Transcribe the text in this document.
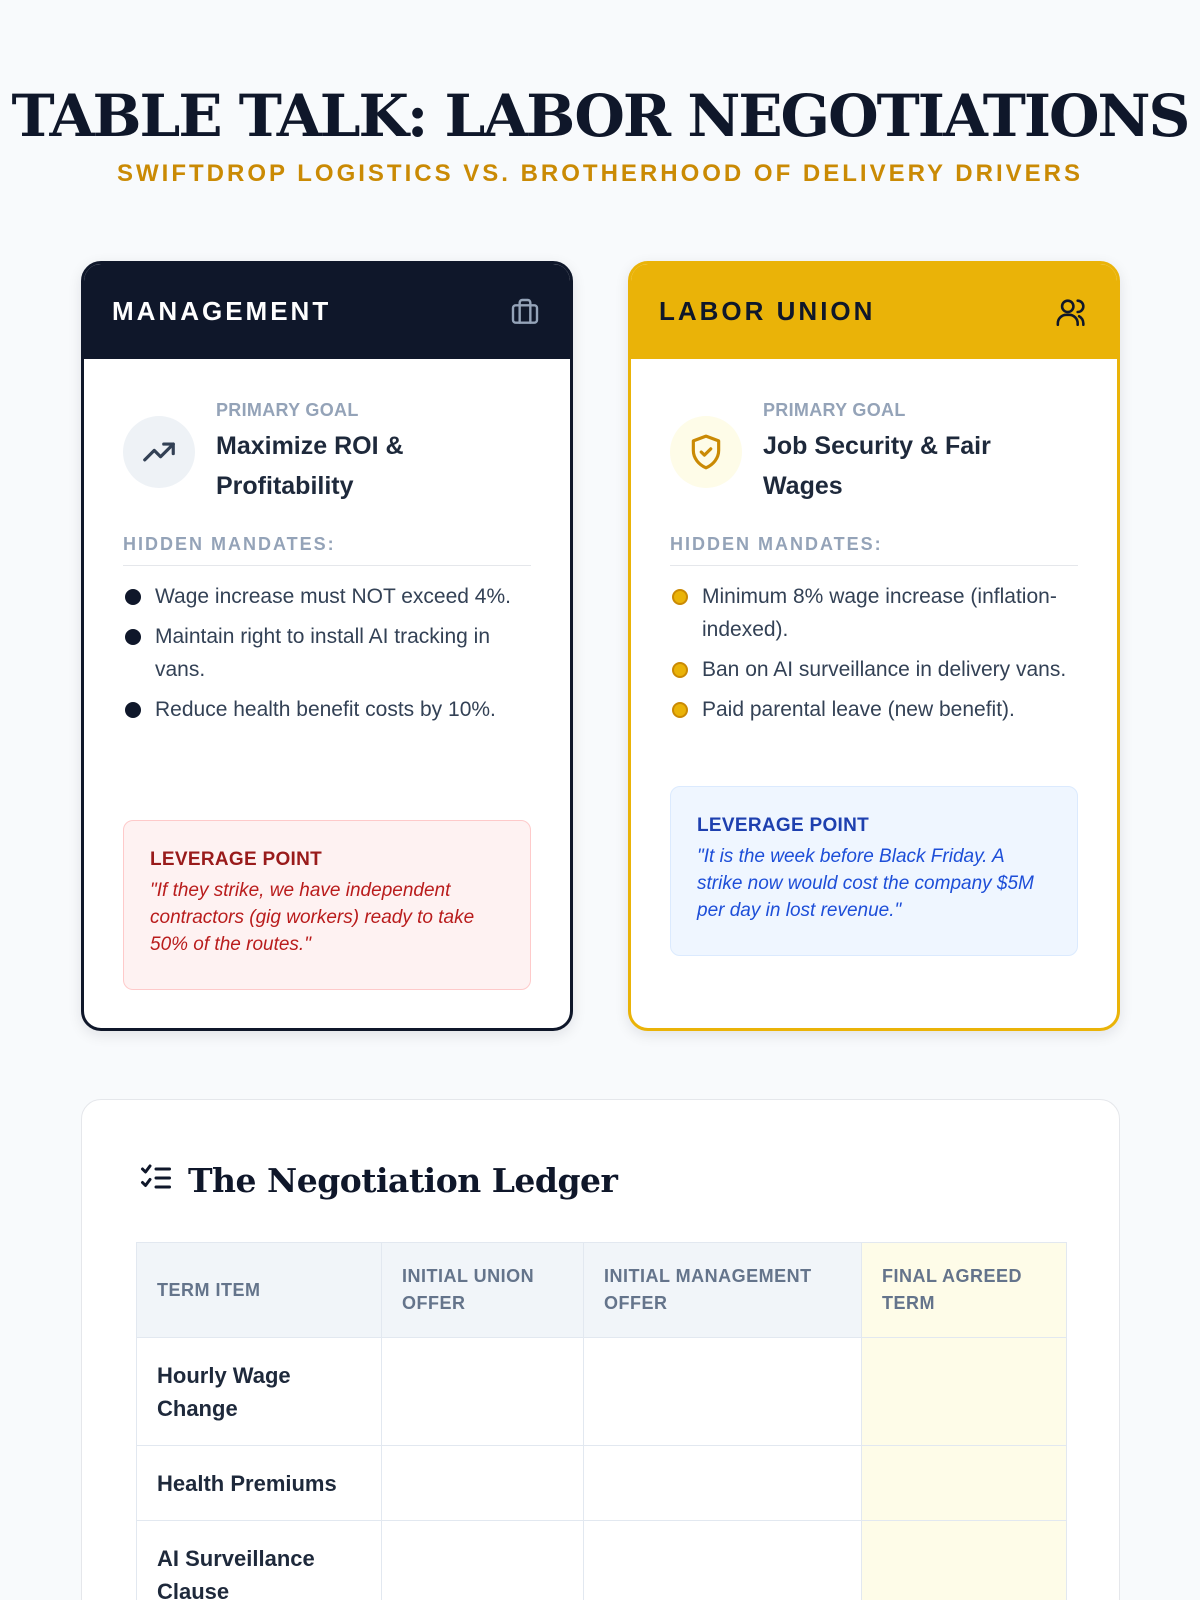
TABLE TALK: LABOR NEGOTIATIONS
SWIFTDROP LOGISTICS VS. BROTHERHOOD OF DELIVERY DRIVERS
MANAGEMENT
PRIMARY GOAL
Maximize ROI & Profitability
HIDDEN MANDATES:
Wage increase must NOT exceed 4%.
Maintain right to install AI tracking in vans.
Reduce health benefit costs by 10%.
LEVERAGE POINT
"If they strike, we have independent contractors (gig workers) ready to take 50% of the routes."
LABOR UNION
PRIMARY GOAL
Job Security & Fair Wages
HIDDEN MANDATES:
Minimum 8% wage increase (inflation-indexed).
Ban on AI surveillance in delivery vans.
Paid parental leave (new benefit).
LEVERAGE POINT
"It is the week before Black Friday. A strike now would cost the company $5M per day in lost revenue."
The Negotiation Ledger
TERM ITEM	INITIAL UNION OFFER	INITIAL MANAGEMENT OFFER	FINAL AGREED TERM
Hourly Wage Change			
Health Premiums			
AI Surveillance Clause			
